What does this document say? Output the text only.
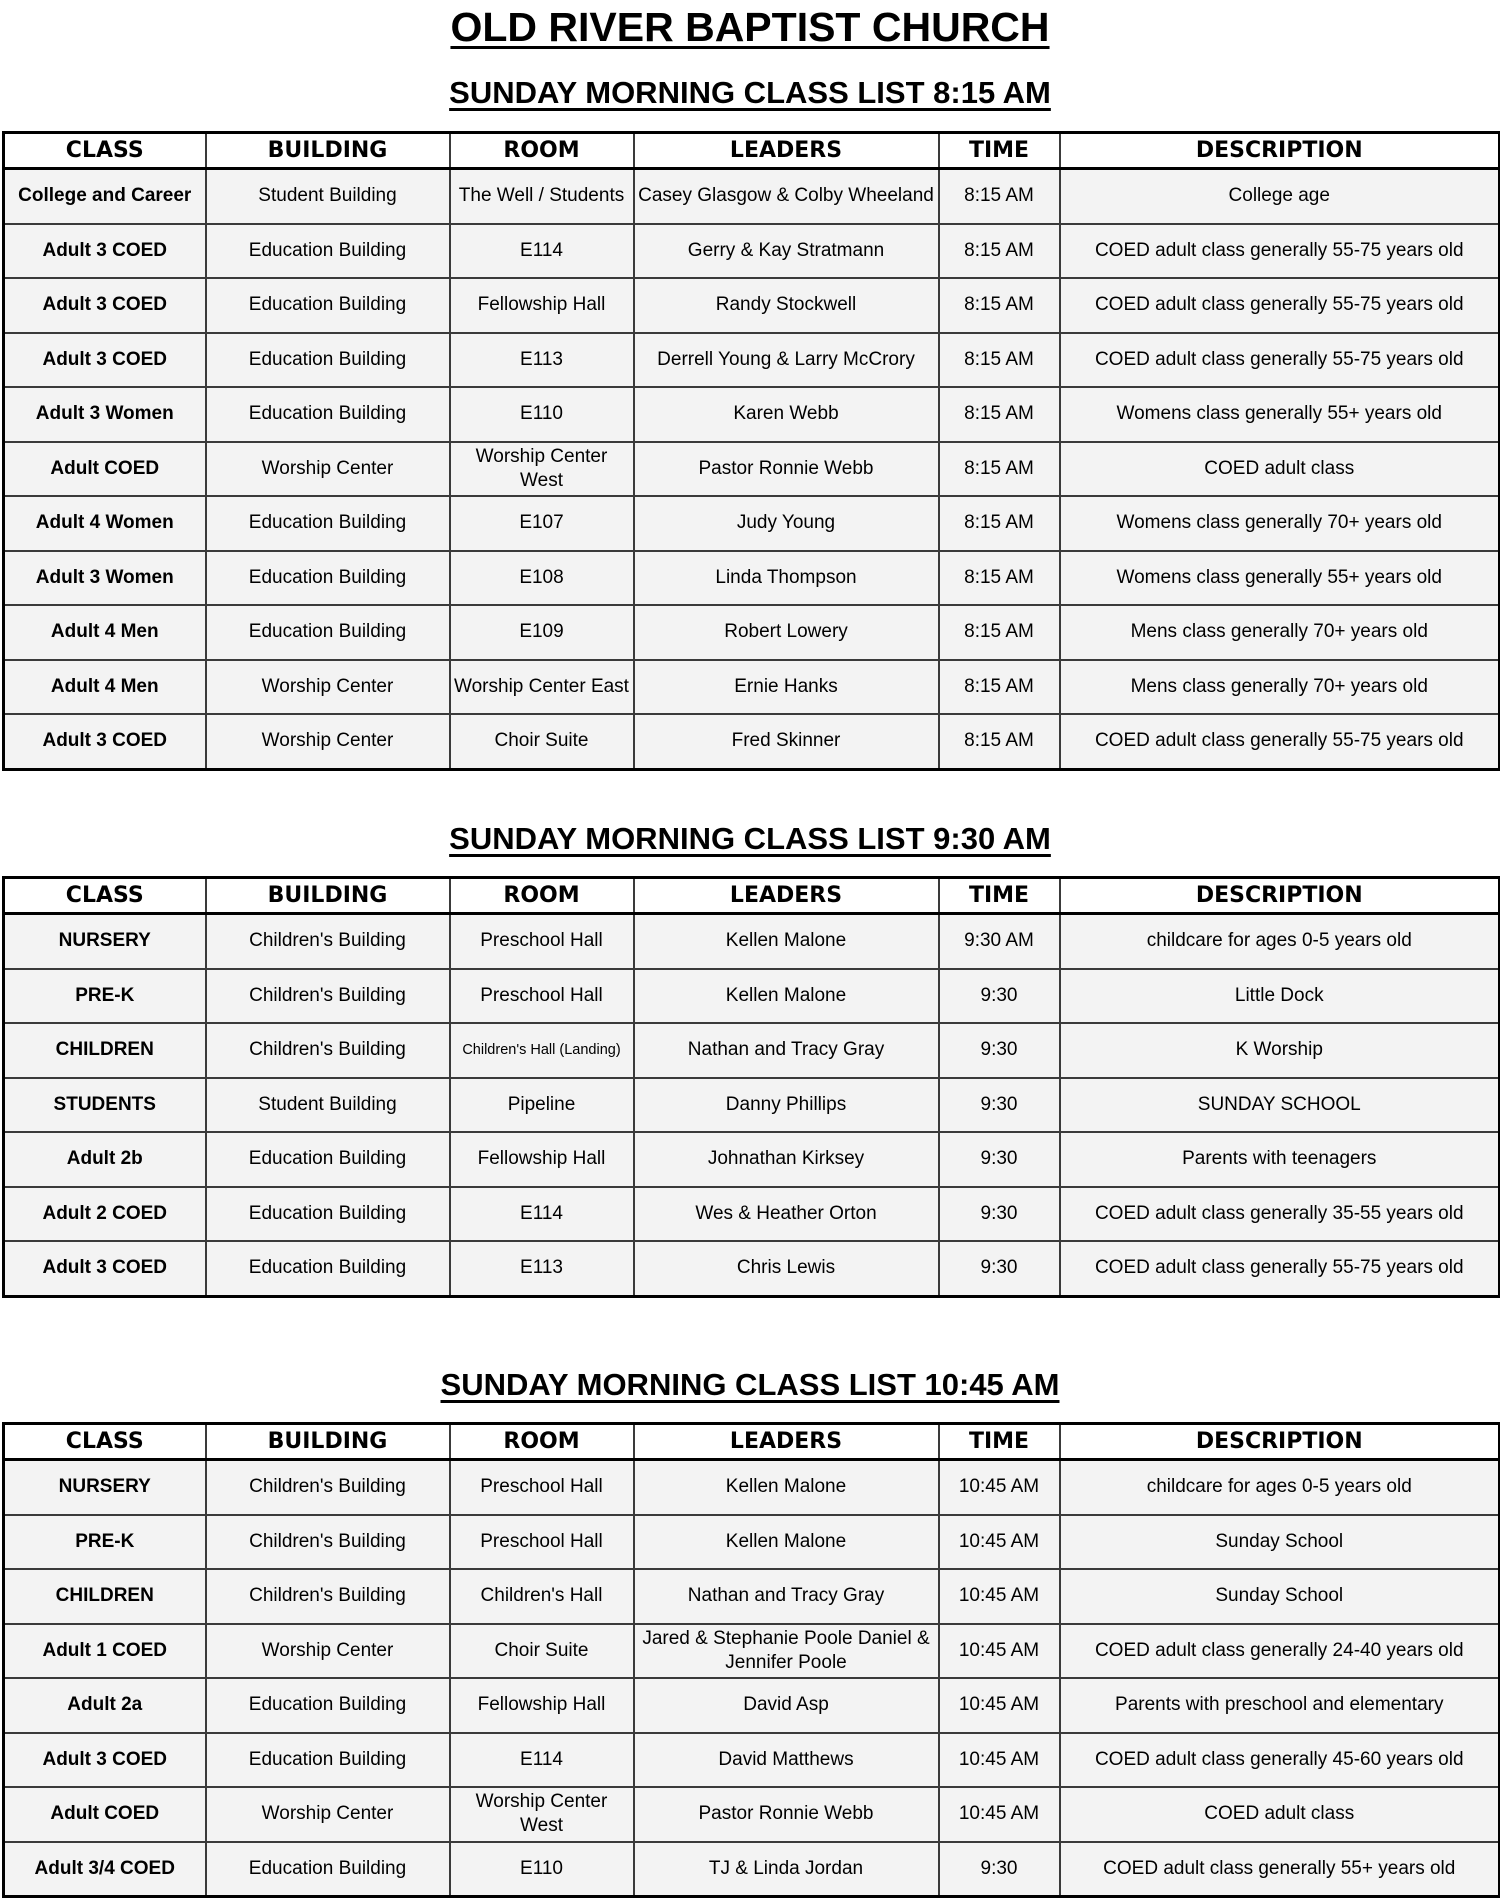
OLD RIVER BAPTIST CHURCH
SUNDAY MORNING CLASS LIST 8:15 AM
CLASS	BUILDING	ROOM	LEADERS	TIME	DESCRIPTION
College and Career	Student Building	The Well / Students	Casey Glasgow & Colby Wheeland	8:15 AM	College age
Adult 3 COED	Education Building	E114	Gerry & Kay Stratmann	8:15 AM	COED adult class generally 55-75 years old
Adult 3 COED	Education Building	Fellowship Hall	Randy Stockwell	8:15 AM	COED adult class generally 55-75 years old
Adult 3 COED	Education Building	E113	Derrell Young & Larry McCrory	8:15 AM	COED adult class generally 55-75 years old
Adult 3 Women	Education Building	E110	Karen Webb	8:15 AM	Womens class generally 55+ years old
Adult COED	Worship Center	Worship Center West	Pastor Ronnie Webb	8:15 AM	COED adult class
Adult 4 Women	Education Building	E107	Judy Young	8:15 AM	Womens class generally 70+ years old
Adult 3 Women	Education Building	E108	Linda Thompson	8:15 AM	Womens class generally 55+ years old
Adult 4 Men	Education Building	E109	Robert Lowery	8:15 AM	Mens class generally 70+ years old
Adult 4 Men	Worship Center	Worship Center East	Ernie Hanks	8:15 AM	Mens class generally 70+ years old
Adult 3 COED	Worship Center	Choir Suite	Fred Skinner	8:15 AM	COED adult class generally 55-75 years old
SUNDAY MORNING CLASS LIST 9:30 AM
CLASS	BUILDING	ROOM	LEADERS	TIME	DESCRIPTION
NURSERY	Children's Building	Preschool Hall	Kellen Malone	9:30 AM	childcare for ages 0-5 years old
PRE-K	Children's Building	Preschool Hall	Kellen Malone	9:30	Little Dock
CHILDREN	Children's Building	Children's Hall (Landing)	Nathan and Tracy Gray	9:30	K Worship
STUDENTS	Student Building	Pipeline	Danny Phillips	9:30	SUNDAY SCHOOL
Adult 2b	Education Building	Fellowship Hall	Johnathan Kirksey	9:30	Parents with teenagers
Adult 2 COED	Education Building	E114	Wes & Heather Orton	9:30	COED adult class generally 35-55 years old
Adult 3 COED	Education Building	E113	Chris Lewis	9:30	COED adult class generally 55-75 years old
SUNDAY MORNING CLASS LIST 10:45 AM
CLASS	BUILDING	ROOM	LEADERS	TIME	DESCRIPTION
NURSERY	Children's Building	Preschool Hall	Kellen Malone	10:45 AM	childcare for ages 0-5 years old
PRE-K	Children's Building	Preschool Hall	Kellen Malone	10:45 AM	Sunday School
CHILDREN	Children's Building	Children's Hall	Nathan and Tracy Gray	10:45 AM	Sunday School
Adult 1 COED	Worship Center	Choir Suite	Jared & Stephanie Poole Daniel & Jennifer Poole	10:45 AM	COED adult class generally 24-40 years old
Adult 2a	Education Building	Fellowship Hall	David Asp	10:45 AM	Parents with preschool and elementary
Adult 3 COED	Education Building	E114	David Matthews	10:45 AM	COED adult class generally 45-60 years old
Adult COED	Worship Center	Worship Center West	Pastor Ronnie Webb	10:45 AM	COED adult class
Adult 3/4 COED	Education Building	E110	TJ & Linda Jordan	9:30	COED adult class generally 55+ years old
